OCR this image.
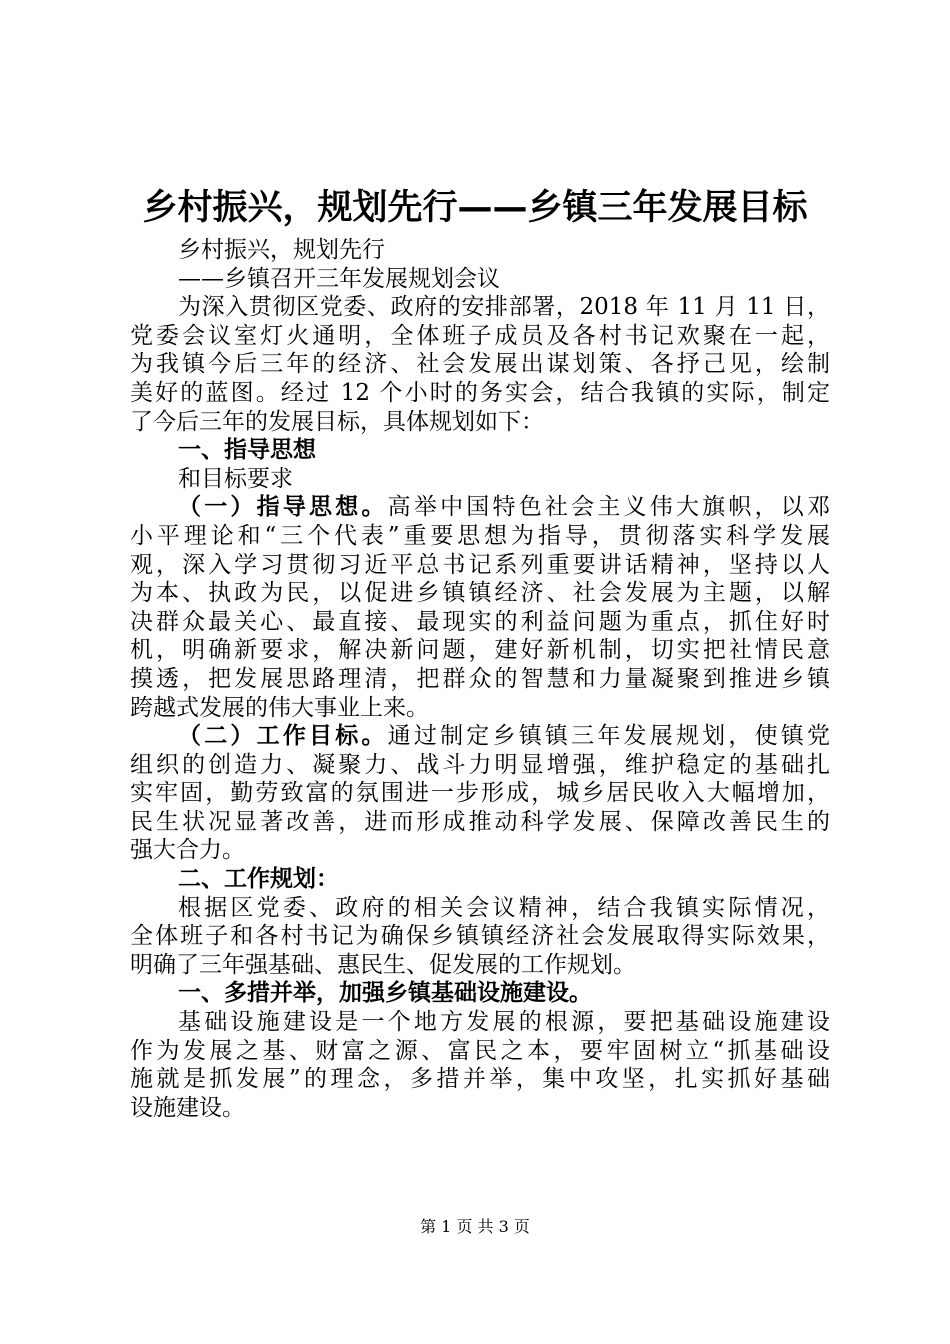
乡村振兴，规划先行——乡镇三年发展目标
乡村振兴，规划先行
——乡镇召开三年发展规划会议
为深入贯彻区党委、政府的安排部署，2018 年 11 月 11 日，
党委会议室灯火通明，全体班子成员及各村书记欢聚在一起，
为我镇今后三年的经济、社会发展出谋划策、各抒己见，绘制
美好的蓝图。经过 12 个小时的务实会，结合我镇的实际，制定
了今后三年的发展目标，具体规划如下：
一、指导思想
和目标要求
（一）指导思想。高举中国特色社会主义伟大旗帜，以邓
小平理论和“三个代表”重要思想为指导，贯彻落实科学发展
观，深入学习贯彻习近平总书记系列重要讲话精神，坚持以人
为本、执政为民，以促进乡镇镇经济、社会发展为主题，以解
决群众最关心、最直接、最现实的利益问题为重点，抓住好时
机，明确新要求，解决新问题，建好新机制，切实把社情民意
摸透，把发展思路理清，把群众的智慧和力量凝聚到推进乡镇
跨越式发展的伟大事业上来。
（二）工作目标。通过制定乡镇镇三年发展规划，使镇党
组织的创造力、凝聚力、战斗力明显增强，维护稳定的基础扎
实牢固，勤劳致富的氛围进一步形成，城乡居民收入大幅增加，
民生状况显著改善，进而形成推动科学发展、保障改善民生的
强大合力。
二、工作规划：
根据区党委、政府的相关会议精神，结合我镇实际情况，
全体班子和各村书记为确保乡镇镇经济社会发展取得实际效果，
明确了三年强基础、惠民生、促发展的工作规划。
一、多措并举，加强乡镇基础设施建设。
基础设施建设是一个地方发展的根源，要把基础设施建设
作为发展之基、财富之源、富民之本，要牢固树立“抓基础设
施就是抓发展”的理念，多措并举，集中攻坚，扎实抓好基础
设施建设。
第 1 页 共 3 页
